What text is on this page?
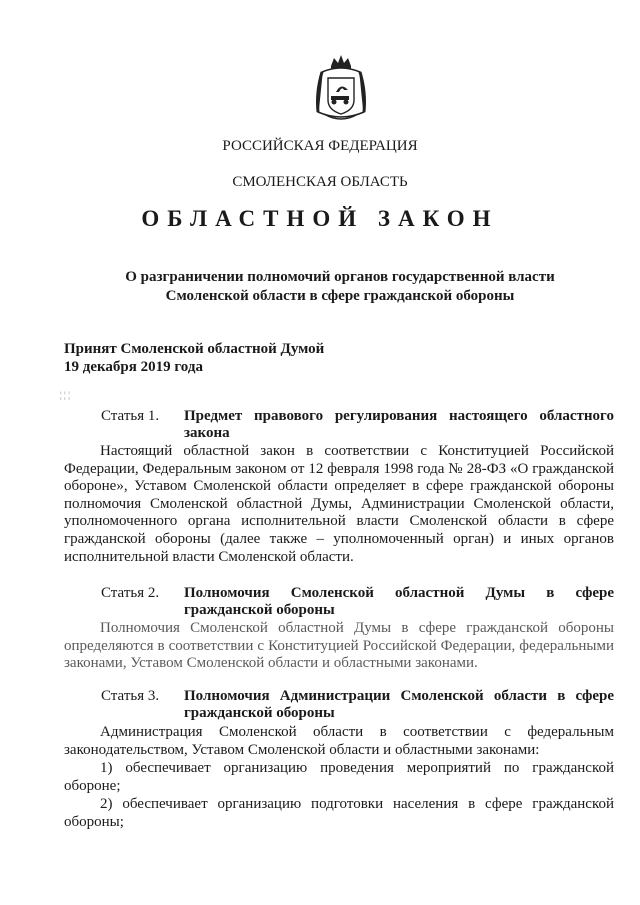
РОССИЙСКАЯ ФЕДЕРАЦИЯ
СМОЛЕНСКАЯ ОБЛАСТЬ
ОБЛАСТНОЙ ЗАКОН
О разграничении полномочий органов государственной власти
Смоленской области в сфере гражданской обороны
Принят Смоленской областной Думой
19 декабря 2019 года
¦ ¦ ¦
Статья 1. Предмет правового регулирования настоящего областного
закона

Настоящий областной закон в соответствии с Конституцией Российской Федерации, Федеральным законом от 12 февраля 1998 года № 28-ФЗ «О гражданской обороне», Уставом Смоленской области определяет в сфере гражданской обороны полномочия Смоленской областной Думы, Администрации Смоленской области, уполномоченного органа исполнительной власти Смоленской области в сфере гражданской обороны (далее также – уполномоченный орган) и иных органов исполнительной власти Смоленской области.

Статья 2. Полномочия Смоленской областной Думы в сфере
гражданской обороны

Полномочия Смоленской областной Думы в сфере гражданской обороны определяются в соответствии с Конституцией Российской Федерации, федеральными законами, Уставом Смоленской области и областными законами.

Статья 3. Полномочия Администрации Смоленской области в сфере
гражданской обороны

Администрация Смоленской области в соответствии с федеральным законодательством, Уставом Смоленской области и областными законами:

1) обеспечивает организацию проведения мероприятий по гражданской обороне;

2) обеспечивает организацию подготовки населения в сфере гражданской обороны;
